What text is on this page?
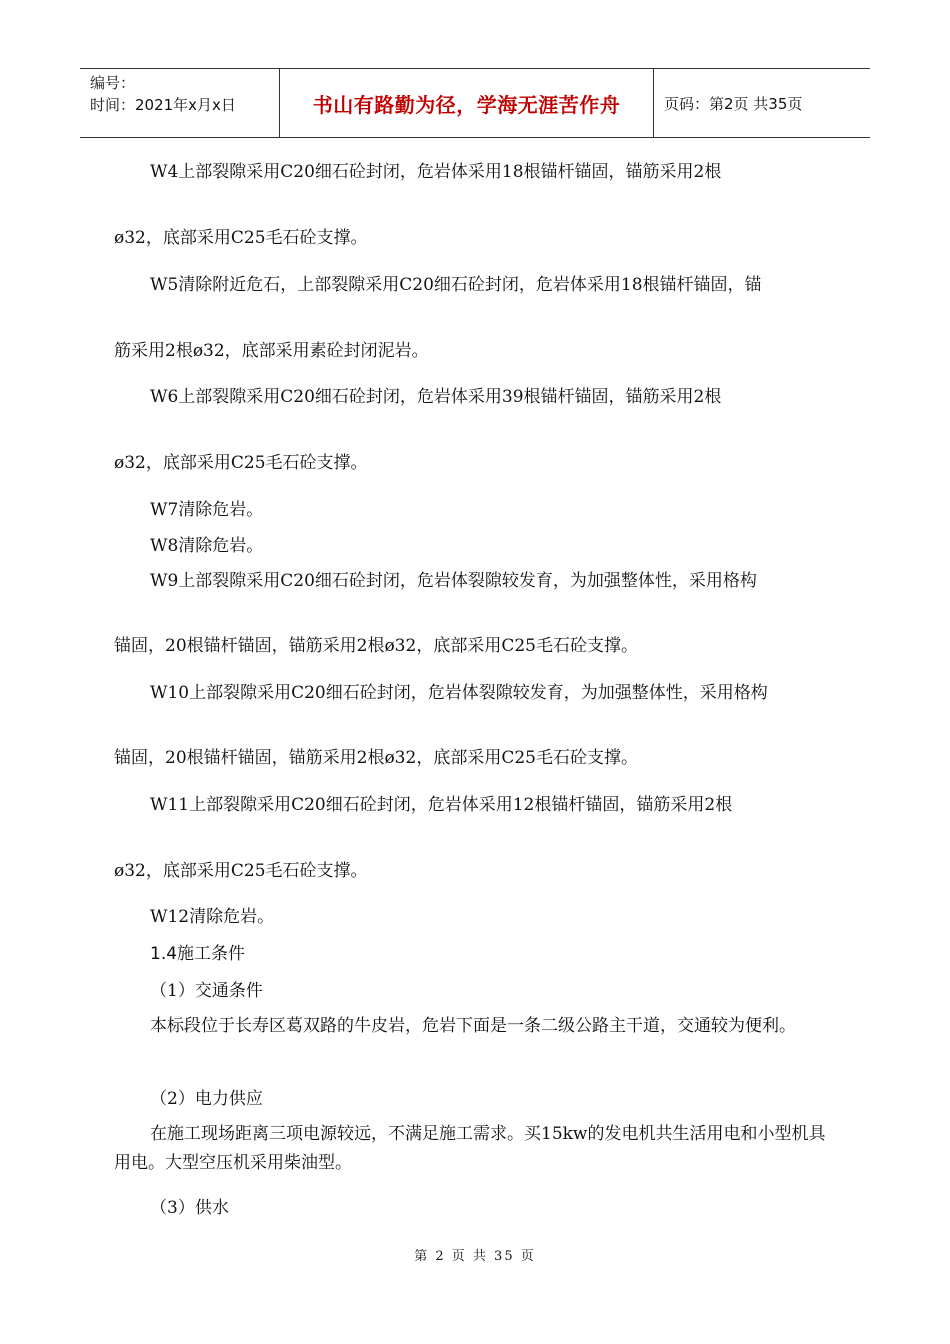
编号：
时间：2021年x月x日	书山有路勤为径，学海无涯苦作舟	页码：第2页 共35页
W4上部裂隙采用C20细石砼封闭，危岩体采用18根锚杆锚固，锚筋采用2根
ø32，底部采用C25毛石砼支撑。
W5清除附近危石，上部裂隙采用C20细石砼封闭，危岩体采用18根锚杆锚固，锚
筋采用2根ø32，底部采用素砼封闭泥岩。
W6上部裂隙采用C20细石砼封闭，危岩体采用39根锚杆锚固，锚筋采用2根
ø32，底部采用C25毛石砼支撑。
W7清除危岩。
W8清除危岩。
W9上部裂隙采用C20细石砼封闭，危岩体裂隙较发育，为加强整体性，采用格构
锚固，20根锚杆锚固，锚筋采用2根ø32，底部采用C25毛石砼支撑。
W10上部裂隙采用C20细石砼封闭，危岩体裂隙较发育，为加强整体性，采用格构
锚固，20根锚杆锚固，锚筋采用2根ø32，底部采用C25毛石砼支撑。
W11上部裂隙采用C20细石砼封闭，危岩体采用12根锚杆锚固，锚筋采用2根
ø32，底部采用C25毛石砼支撑。
W12清除危岩。
1.4施工条件
（1）交通条件
本标段位于长寿区葛双路的牛皮岩，危岩下面是一条二级公路主干道，交通较为便利。
（2）电力供应
在施工现场距离三项电源较远，不满足施工需求。买15kw的发电机共生活用电和小型机具用电。大型空压机采用柴油型。
（3）供水
第 2 页 共 35 页
